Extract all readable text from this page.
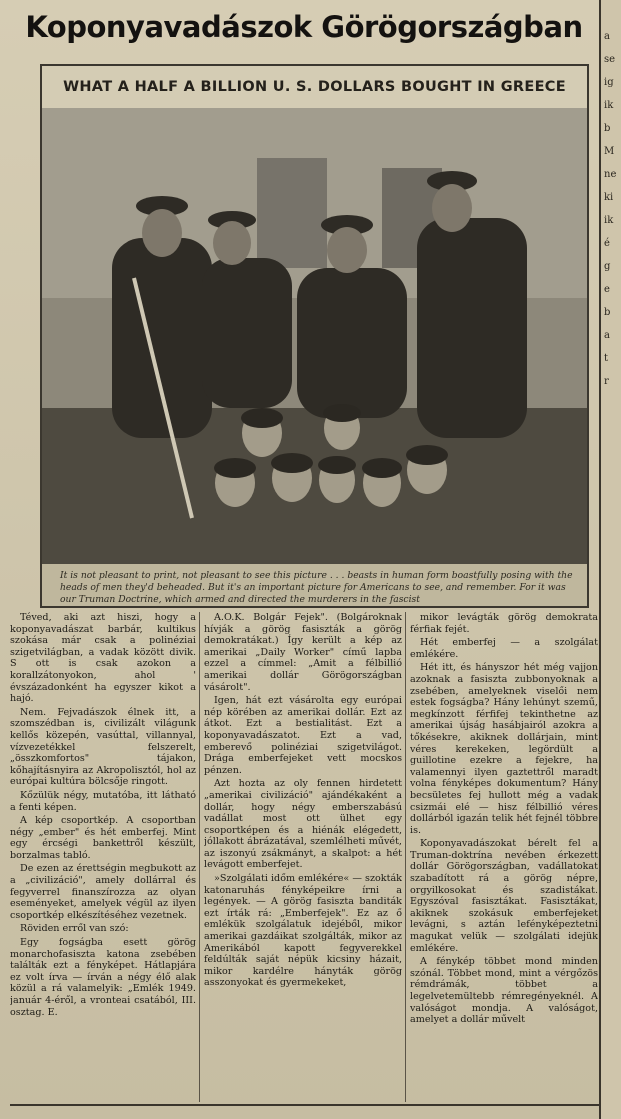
a
se
ig
ik
b
M
ne
ki
ik
é
g
e
b
a
t
r
Koponyavadászok Görögországban
WHAT A HALF A BILLION U. S. DOLLARS BOUGHT IN GREECE
It is not pleasant to print, not pleasant to see this picture . . . beasts in human form boastfully posing with the heads of men they'd beheaded. But it's an important picture for Americans to see, and remember. For it was our Truman Doctrine, which armed and directed the murderers in the fascist

Téved, aki azt hiszi, hogy a koponyavadászat barbár, kultikus szokása már csak a polinéziai szigetvilágban, a vadak között divik. S ott is csak azokon a korallzátonyokon, ahol ' évszázadonként ha egyszer kikot a hajó.

Nem. Fejvadászok élnek itt, a szomszédban is, civilizált világunk kellős közepén, vasúttal, villannyal, vízvezetékkel felszerelt, „összkomfortos" tájakon, kőhajításnyira az Akropolisztól, hol az európai kultúra bölcsője ringott.

Kőzülük négy, mutatóba, itt látható a fenti képen.

A kép csoportkép. A csoportban négy „ember" és hét emberfej. Mint egy ércségi bankettről készült, borzalmas tabló.

De ezen az érettségin megbukott az a „civilizáció", amely dollárral és fegyverrel finanszírozza az olyan eseményeket, amelyek végül az ilyen csoportkép elkészítéséhez vezetnek.

Röviden erről van szó:

Egy fogságba esett görög monarchofasiszta katona zsebében találták ezt a fényképet. Hátlapjára ez volt írva — írván a négy élő alak közül a rá valamelyik: „Emlék 1949. január 4-éről, a vronteai csatából, III. osztag. E.

A.O.K. Bolgár Fejek". (Bolgároknak hívják a görög fasiszták a görög demokratákat.) Így került a kép az amerikai „Daily Worker" című lapba ezzel a címmel: „Amit a félbillió amerikai dollár Görögországban vásárolt".

Igen, hát ezt vásárolta egy európai nép körében az amerikai dollár. Ezt az átkot. Ezt a bestialitást. Ezt a koponyavadászatot. Ezt a vad, emberevő polinéziai szigetvilágot. Drága emberfejeket vett mocskos pénzen.

Azt hozta az oly fennen hirdetett „amerikai civilizáció" ajándékaként a dollár, hogy négy emberszabású vadállat most ott ülhet egy csoportképen és a hiénák elégedett, jóllakott ábrázatával, szemlélheti művét, az iszonyú zsákmányt, a skalpot: a hét levágott emberfejet.

»Szolgálati időm emlékére« — szokták katonaruhás fényképeikre írni a legények. — A görög fasiszta banditák ezt írták rá: „Emberfejek". Ez az ő emlékük szolgálatuk idejéből, mikor amerikai gazdáikat szolgálták, mikor az Amerikából kapott fegyverekkel feldúlták saját népük kicsiny házait, mikor kardélre hányták görög asszonyokat és gyermekeket,

mikor levágták görög demokrata férfiak fejét.

Hét emberfej — a szolgálat emlékére.

Hét itt, és hányszor hét még vajjon azoknak a fasiszta zubbonyoknak a zsebében, amelyeknek viselői nem estek fogságba? Hány lehúnyt szemű, megkínzott férfifej tekinthetne az amerikai újság hasábjairól azokra a tőkésekre, akiknek dollárjain, mint véres kerekeken, legördült a guillotine ezekre a fejekre, ha valamennyi ilyen gaztettről maradt volna fényképes dokumentum? Hány becsületes fej hullott még a vadak csizmái elé — hisz félbillió véres dollárból igazán telik hét fejnél többre is.

Koponyavadászokat bérelt fel a Truman-doktrína nevében érkezett dollár Görögországban, vadállatokat szabadított rá a görög népre, orgyilkosokat és szadistákat. Egyszóval fasisztákat. Fasisztákat, akiknek szokásuk emberfejeket levágni, s aztán lefényképeztetni magukat velük — szolgálati idejük emlékére.

A fénykép többet mond minden szónál. Többet mond, mint a vérgőzös rémdrámák, többet a legelvetemültebb rémregényeknél. A valóságot mondja. A valóságot, amelyet a dollár művelt
